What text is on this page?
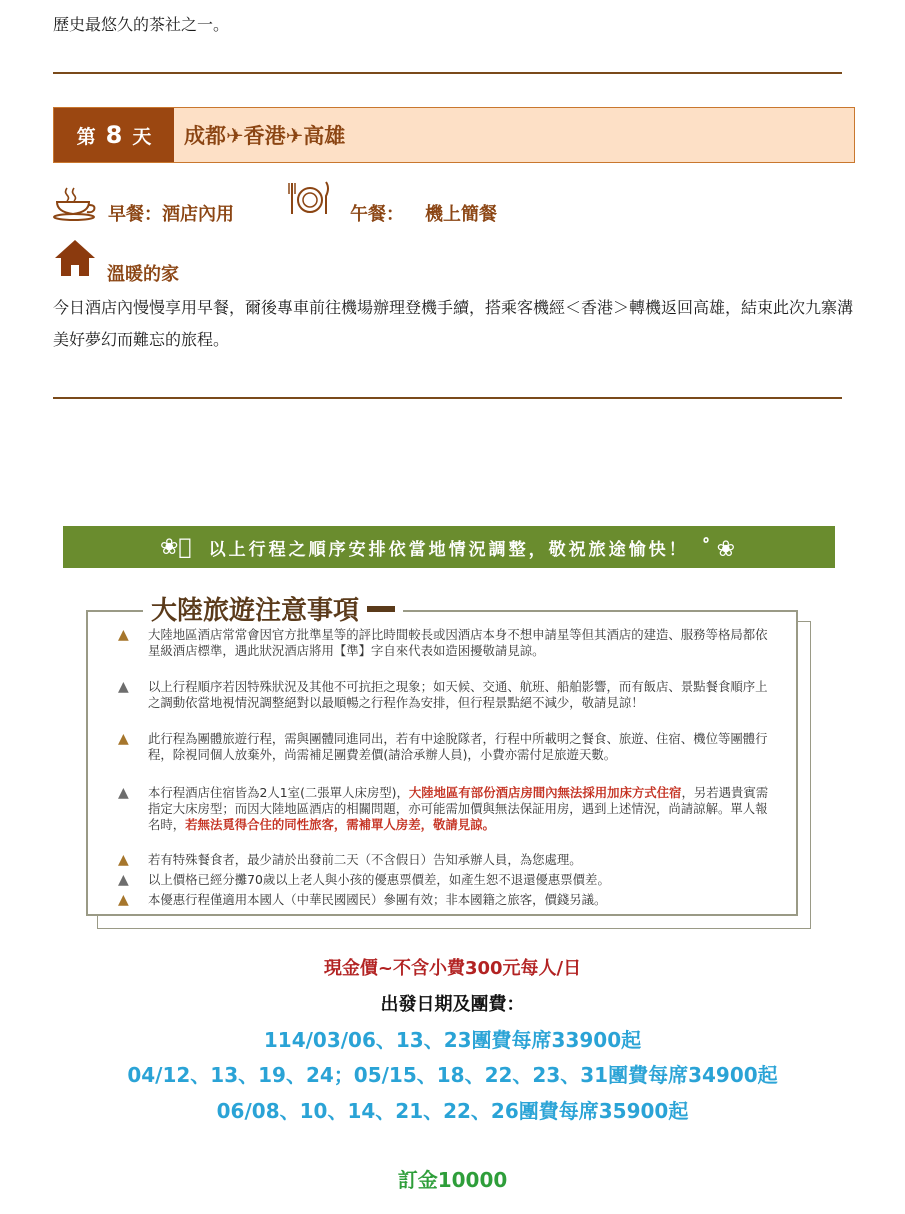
歷史最悠久的茶社之一。
第 8 天	成都✈香港✈高雄
早餐：酒店內用	午餐： 機上簡餐
溫暖的家
今日酒店內慢慢享用早餐，爾後專車前往機場辦理登機手續，搭乘客機經＜香港＞轉機返回高雄，結束此次九寨溝美好夢幻而難忘的旅程。
❀ﾟ 以上行程之順序安排依當地情況調整，敬祝旅途愉快！ ﾟ❀
大陸旅遊注意事項
▲	大陸地區酒店常常會因官方批準星等的評比時間較長或因酒店本身不想申請星等但其酒店的建造、服務等格局都依星級酒店標準，遇此狀況酒店將用【準】字自來代表如造困擾敬請見諒。
▲	以上行程順序若因特殊狀況及其他不可抗拒之現象；如天候、交通、航班、船舶影響，而有飯店、景點餐食順序上之調動依當地視情況調整絕對以最順暢之行程作為安排，但行程景點絕不減少，敬請見諒！
▲	此行程為團體旅遊行程，需與團體同進同出，若有中途脫隊者，行程中所載明之餐食、旅遊、住宿、機位等團體行程，除視同個人放棄外，尚需補足團費差價(請洽承辦人員)，小費亦需付足旅遊天數。
▲	本行程酒店住宿皆為2人1室(二張單人床房型)，大陸地區有部份酒店房間內無法採用加床方式住宿，另若遇貴賓需指定大床房型；而因大陸地區酒店的相關問題，亦可能需加價與無法保証用房，遇到上述情況，尚請諒解。單人報名時，若無法覓得合住的同性旅客，需補單人房差，敬請見諒。
▲	若有特殊餐食者，最少請於出發前二天（不含假日）告知承辦人員，為您處理。
▲	以上價格已經分攤70歲以上老人與小孩的優惠票價差，如產生恕不退還優惠票價差。
▲	本優惠行程僅適用本國人（中華民國國民）參團有效；非本國籍之旅客，價錢另議。
現金價~不含小費300元每人/日
出發日期及團費：
114/03/06、13、23團費每席33900起
04/12、13、19、24；05/15、18、22、23、31團費每席34900起
06/08、10、14、21、22、26團費每席35900起
訂金10000
